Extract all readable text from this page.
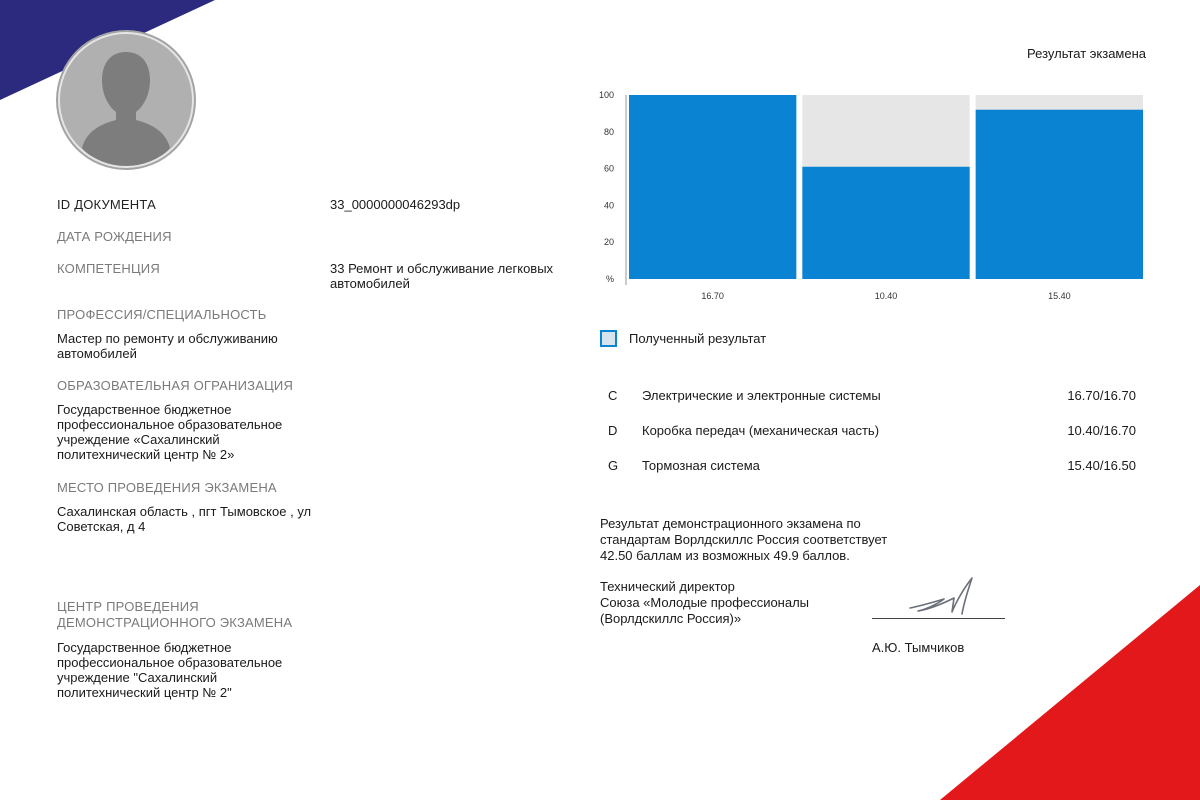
ID ДОКУМЕНТА	33_0000000046293dp
ДАТА РОЖДЕНИЯ
КОМПЕТЕНЦИЯ	33 Ремонт и обслуживание легковых
автомобилей
ПРОФЕССИЯ/СПЕЦИАЛЬНОСТЬ
Мастер по ремонту и обслуживанию
автомобилей
ОБРАЗОВАТЕЛЬНАЯ ОГРАНИЗАЦИЯ
Государственное бюджетное
профессиональное образовательное
учреждение «Сахалинский
политехнический центр № 2»
МЕСТО ПРОВЕДЕНИЯ ЭКЗАМЕНА
Сахалинская область , пгт Тымовское , ул
Советская, д 4
ЦЕНТР ПРОВЕДЕНИЯ
ДЕМОНСТРАЦИОННОГО ЭКЗАМЕНА
Государственное бюджетное
профессиональное образовательное
учреждение "Сахалинский
политехнический центр № 2"
Результат экзамена
%
20
40
60
80
100
16.70	10.40	15.40
Полученный результат
C Электрические и электронные системы	16.70/16.70
D Коробка передач (механическая часть)	10.40/16.70
G Тормозная система	15.40/16.50
Результат демонстрационного экзамена по
стандартам Ворлдскиллс Россия соответствует
42.50 баллам из возможных 49.9 баллов.
Технический директор
Союза «Молодые профессионалы
(Ворлдскиллс Россия)»
А.Ю. Тымчиков
